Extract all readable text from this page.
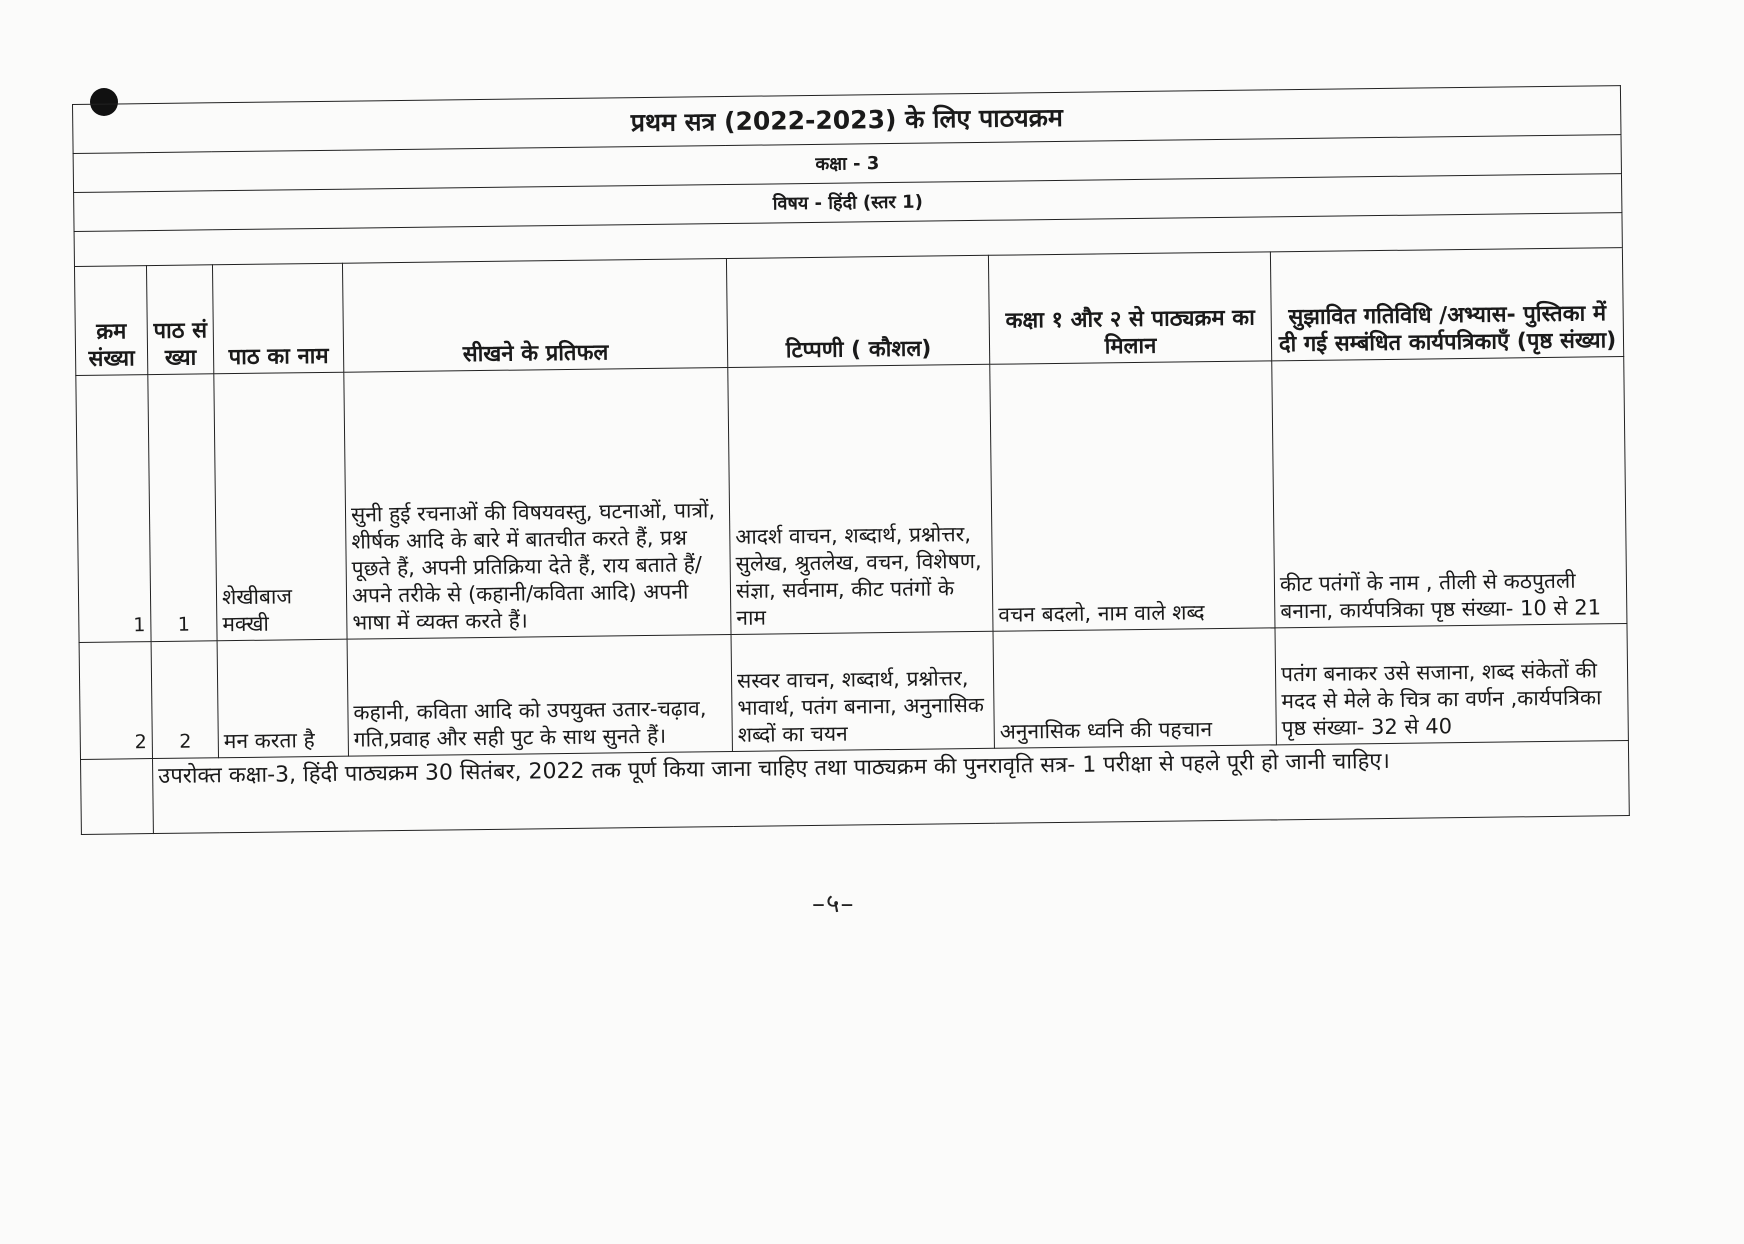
प्रथम सत्र (2022-2023) के लिए पाठयक्रम						
कक्षा - 3						
विषय - हिंदी (स्तर 1)						

क्रम संख्या	पाठ सं ख्या	पाठ का नाम	सीखने के प्रतिफल	टिप्पणी ( कौशल)	कक्षा १ और २ से पाठ्यक्रम का मिलान	सुझावित गतिविधि /अभ्यास- पुस्तिका में दी गई सम्बंधित कार्यपत्रिकाएँ (पृष्ठ संख्या)
1	1	शेखीबाज मक्खी	सुनी हुई रचनाओं की विषयवस्तु, घटनाओं, पात्रों, शीर्षक आदि के बारे में बातचीत करते हैं, प्रश्न पूछते हैं, अपनी प्रतिक्रिया देते हैं, राय बताते हैं/ अपने तरीके से (कहानी/कविता आदि) अपनी भाषा में व्यक्त करते हैं।	आदर्श वाचन, शब्दार्थ, प्रश्नोत्तर, सुलेख, श्रुतलेख, वचन, विशेषण, संज्ञा, सर्वनाम, कीट पतंगों के नाम	वचन बदलो, नाम वाले शब्द	कीट पतंगों के नाम , तीली से कठपुतली बनाना, कार्यपत्रिका पृष्ठ संख्या- 10 से 21
2	2	मन करता है	कहानी, कविता आदि को उपयुक्त उतार-चढ़ाव, गति,प्रवाह और सही पुट के साथ सुनते हैं।	सस्वर वाचन, शब्दार्थ, प्रश्नोत्तर, भावार्थ, पतंग बनाना, अनुनासिक शब्दों का चयन	अनुनासिक ध्वनि की पहचान	पतंग बनाकर उसे सजाना, शब्द संकेतों की मदद से मेले के चित्र का वर्णन ,कार्यपत्रिका पृष्ठ संख्या- 32 से 40
	उपरोक्त कक्षा-3, हिंदी पाठ्यक्रम 30 सितंबर, 2022 तक पूर्ण किया जाना चाहिए तथा पाठ्यक्रम की पुनरावृति सत्र- 1 परीक्षा से पहले पूरी हो जानी चाहिए।					
–५–
